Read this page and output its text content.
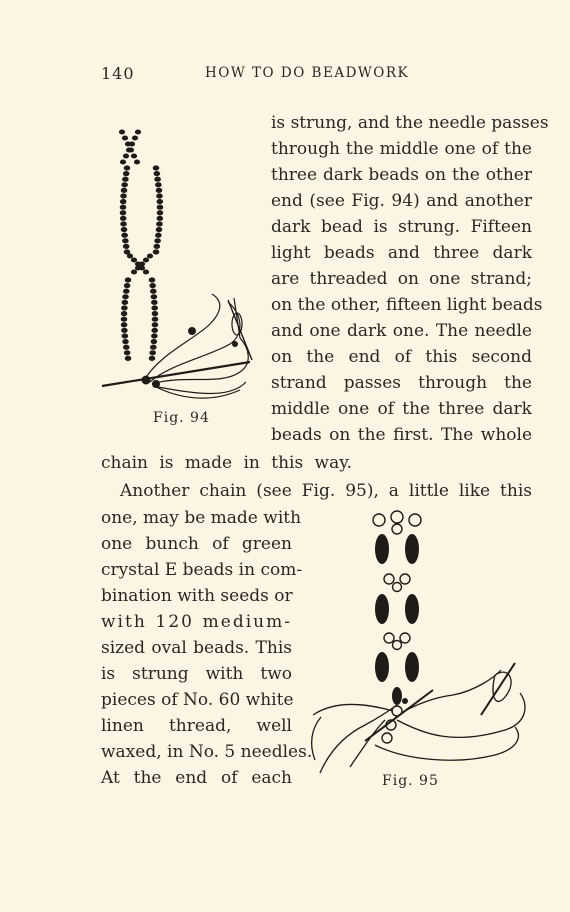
140	HOW TO DO BEADWORK
Fig. 94
Fig. 95
is strung, and the needle passes
through the middle one of the
three dark beads on the other
end (see Fig. 94) and another
dark bead is strung. Fifteen
light beads and three dark
are threaded on one strand;
on the other, fifteen light beads
and one dark one. The needle
on the end of this second
strand passes through the
middle one of the three dark
beads on the first. The whole
chain is made in this way.
Another chain (see Fig. 95), a little like this
one, may be made with
one bunch of green
crystal E beads in com-
bination with seeds or
with 120 medium-
sized oval beads. This
is strung with two
pieces of No. 60 white
linen thread, well
waxed, in No. 5 needles.
At the end of each
